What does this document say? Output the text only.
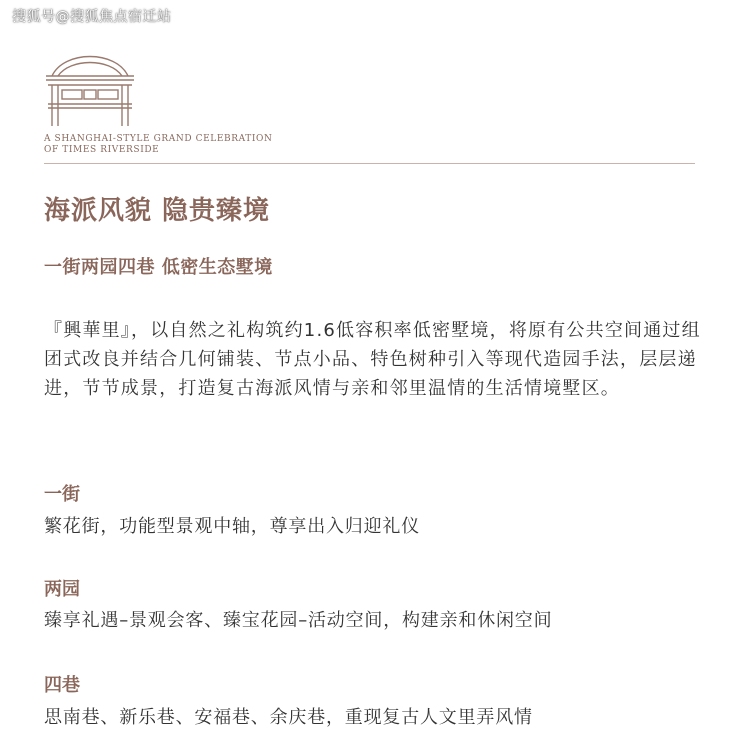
搜狐号@搜狐焦点宿迁站
A SHANGHAI-STYLE GRAND CELEBRATION
OF TIMES RIVERSIDE
海派风貌 隐贵臻境
一街两园四巷 低密生态墅境
『興華里』，以自然之礼构筑约1.6低容积率低密墅境，将原有公共空间通过组团式改良并结合几何铺装、节点小品、特色树种引入等现代造园手法，层层递进，节节成景，打造复古海派风情与亲和邻里温情的生活情境墅区。
一街
繁花街，功能型景观中轴，尊享出入归迎礼仪
两园
臻享礼遇–景观会客、臻宝花园–活动空间，构建亲和休闲空间
四巷
思南巷、新乐巷、安福巷、余庆巷，重现复古人文里弄风情
